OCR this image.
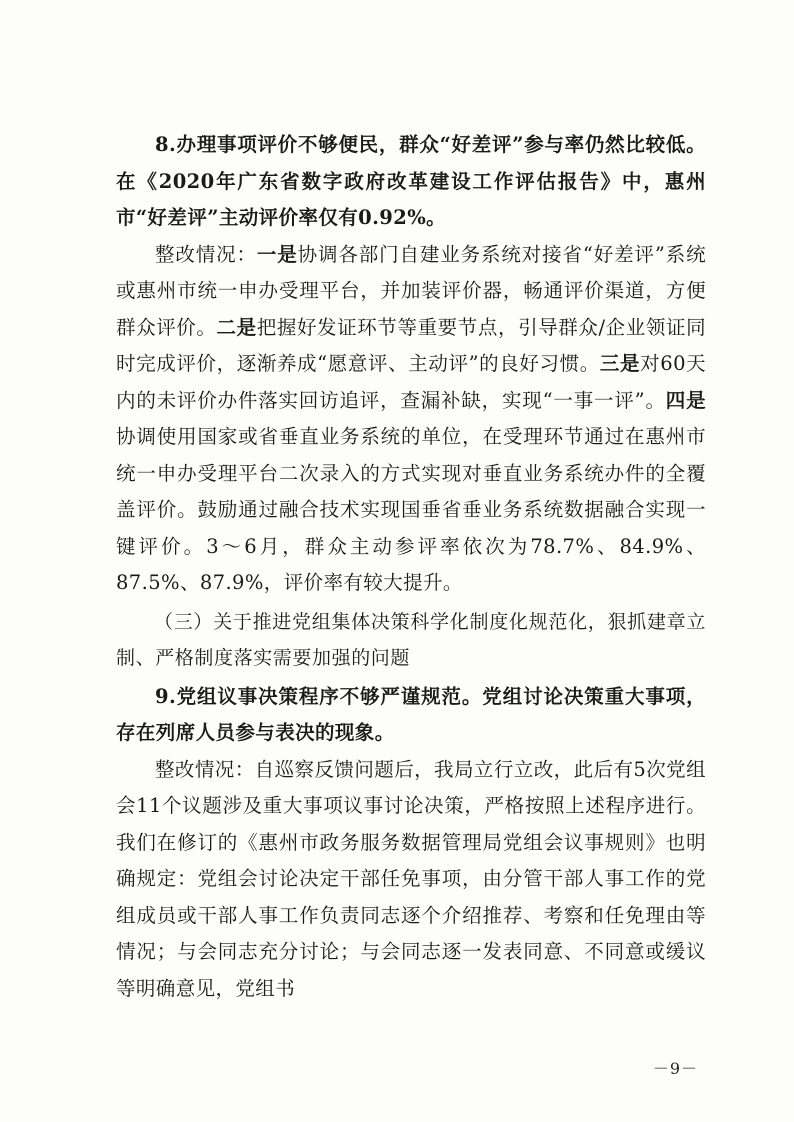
8.办理事项评价不够便民，群众“好差评”参与率仍然比较低。在《2020年广东省数字政府改革建设工作评估报告》中，惠州市“好差评”主动评价率仅有0.92%。

整改情况：一是协调各部门自建业务系统对接省“好差评”系统或惠州市统一申办受理平台，并加装评价器，畅通评价渠道，方便群众评价。二是把握好发证环节等重要节点，引导群众/企业领证同时完成评价，逐渐养成“愿意评、主动评”的良好习惯。三是对60天内的未评价办件落实回访追评，查漏补缺，实现“一事一评”。四是协调使用国家或省垂直业务系统的单位，在受理环节通过在惠州市统一申办受理平台二次录入的方式实现对垂直业务系统办件的全覆盖评价。鼓励通过融合技术实现国垂省垂业务系统数据融合实现一键评价。3～6月，群众主动参评率依次为78.7%、84.9%、87.5%、87.9%，评价率有较大提升。

（三）关于推进党组集体决策科学化制度化规范化，狠抓建章立制、严格制度落实需要加强的问题

9.党组议事决策程序不够严谨规范。党组讨论决策重大事项，存在列席人员参与表决的现象。

整改情况：自巡察反馈问题后，我局立行立改，此后有5次党组会11个议题涉及重大事项议事讨论决策，严格按照上述程序进行。我们在修订的《惠州市政务服务数据管理局党组会议事规则》也明确规定：党组会讨论决定干部任免事项，由分管干部人事工作的党组成员或干部人事工作负责同志逐个介绍推荐、考察和任免理由等情况；与会同志充分讨论；与会同志逐一发表同意、不同意或缓议等明确意见，党组书

－9－
